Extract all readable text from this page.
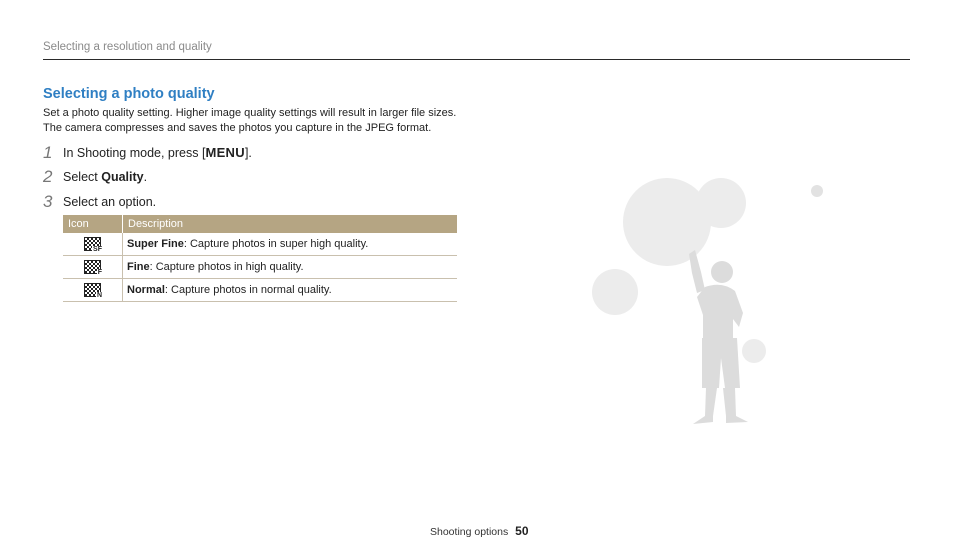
Selecting a resolution and quality
Selecting a photo quality
Set a photo quality setting. Higher image quality settings will result in larger file sizes. The camera compresses and saves the photos you capture in the JPEG format.
1 In Shooting mode, press [MENU].
2 Select Quality.
3 Select an option.
Icon	Description

SF	Super Fine: Capture photos in super high quality.

F	Fine: Capture photos in high quality.

N	Normal: Capture photos in normal quality.
Shooting options 50
